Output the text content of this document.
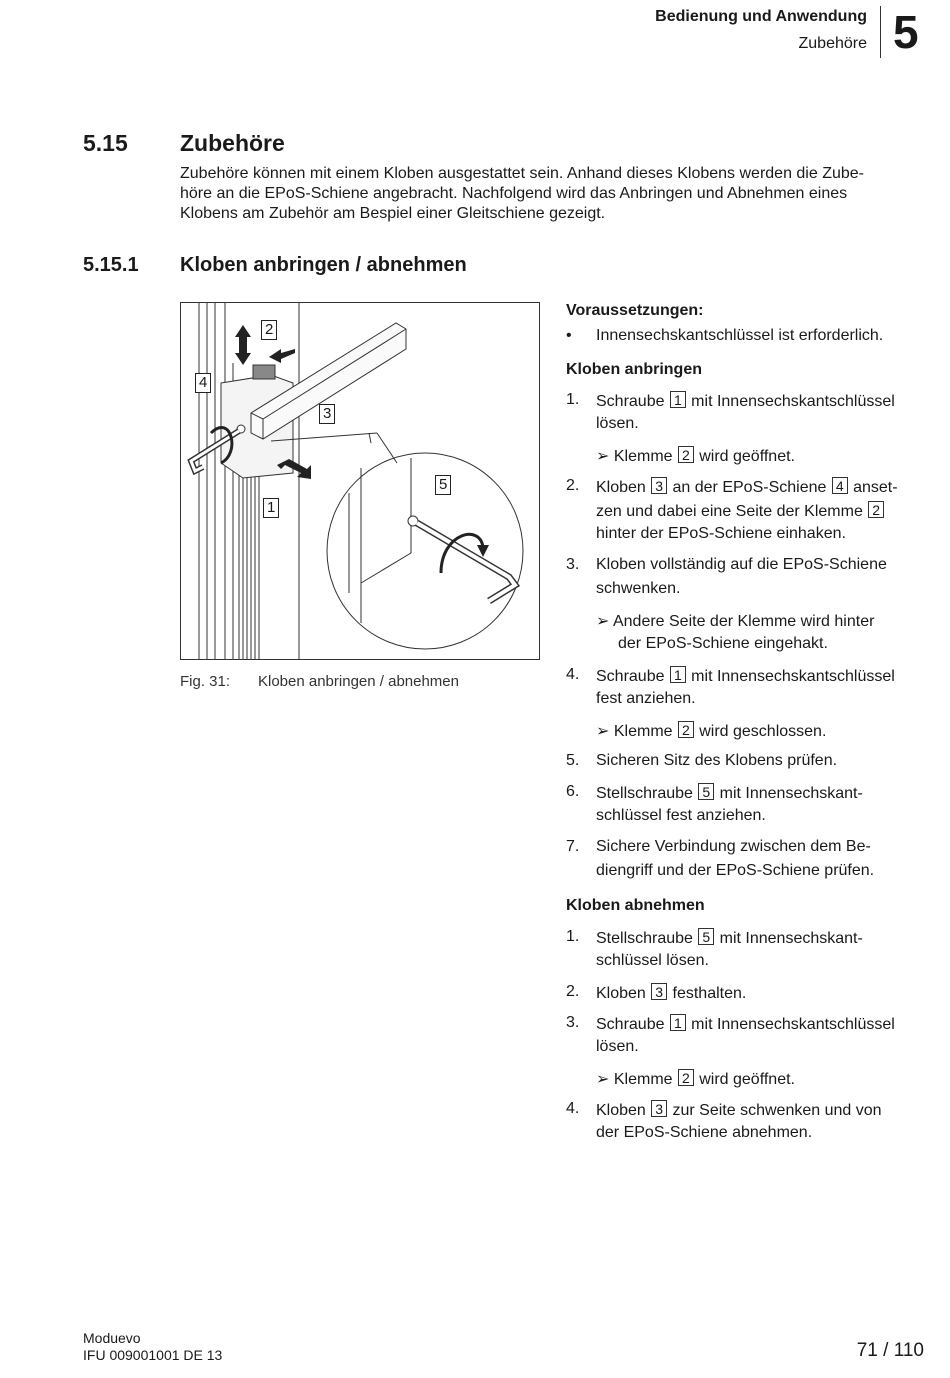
Bedienung und Anwendung
Zubehöre 5
5.15 Zubehöre
Zubehöre können mit einem Kloben ausgestattet sein. Anhand dieses Klobens werden die Zube-
höre an die EPoS-Schiene angebracht. Nachfolgend wird das Anbringen und Abnehmen eines
Klobens am Zubehör am Bespiel einer Gleitschiene gezeigt.
5.15.1 Kloben anbringen / abnehmen
2
4
3
1
5
Fig. 31: Kloben anbringen / abnehmen
Voraussetzungen:
• Innensechskantschlüssel ist erforderlich.
Kloben anbringen
1. Schraube 1 mit Innensechskantschlüssel
lösen.
➢ Klemme 2 wird geöffnet.
2. Kloben 3 an der EPoS-Schiene 4 anset-
zen und dabei eine Seite der Klemme 2
hinter der EPoS-Schiene einhaken.
3. Kloben vollständig auf die EPoS-Schiene
schwenken.
➢ Andere Seite der Klemme wird hinter
der EPoS-Schiene eingehakt.
4. Schraube 1 mit Innensechskantschlüssel
fest anziehen.
➢ Klemme 2 wird geschlossen.
5. Sicheren Sitz des Klobens prüfen.
6. Stellschraube 5 mit Innensechskant-
schlüssel fest anziehen.
7. Sichere Verbindung zwischen dem Be-
diengriff und der EPoS-Schiene prüfen.
Kloben abnehmen
1. Stellschraube 5 mit Innensechskant-
schlüssel lösen.
2. Kloben 3 festhalten.
3. Schraube 1 mit Innensechskantschlüssel
lösen.
➢ Klemme 2 wird geöffnet.
4. Kloben 3 zur Seite schwenken und von
der EPoS-Schiene abnehmen.
Moduevo
IFU 009001001 DE 13	71 / 110
